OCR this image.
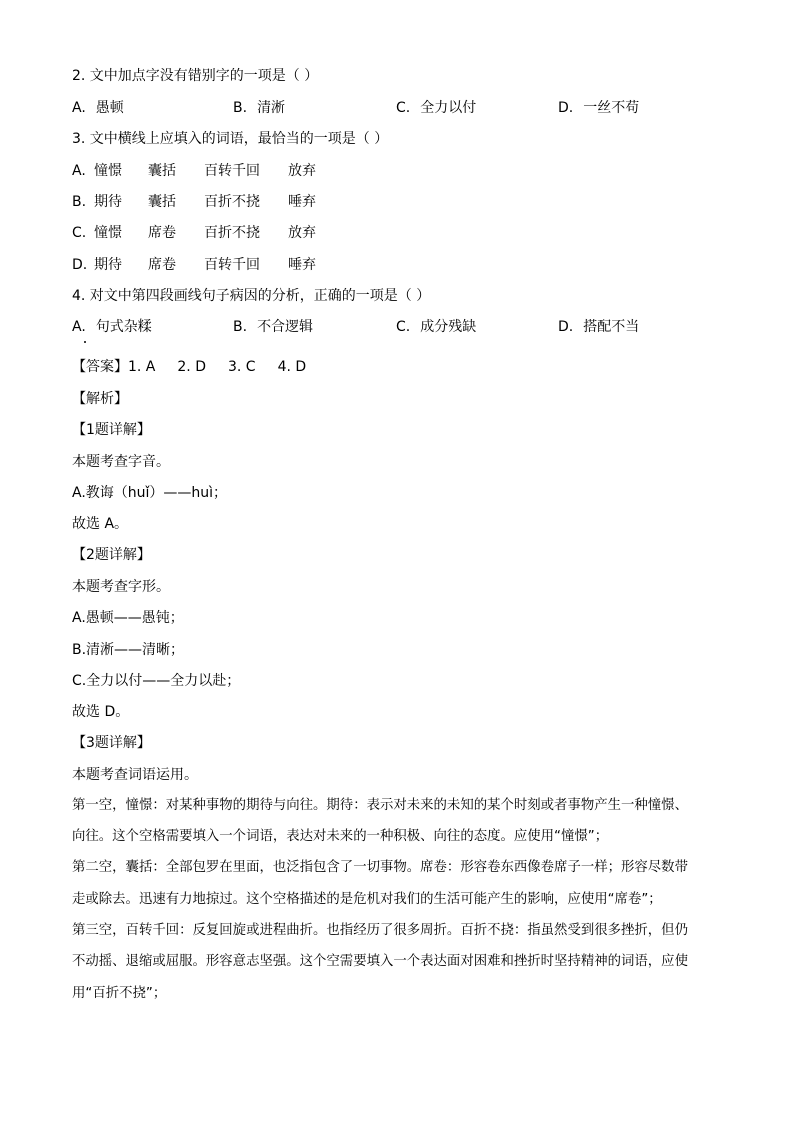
2. 文中加点字没有错别字的一项是（ ）
A. 愚顿	B. 清淅	C. 全力以付	D. 一丝不苟
3. 文中横线上应填入的词语，最恰当的一项是（ ）
A. 憧憬 囊括 百转千回 放弃
B. 期待 囊括 百折不挠 唾弃
C. 憧憬 席卷 百折不挠 放弃
D. 期待 席卷 百转千回 唾弃
4. 对文中第四段画线句子病因的分析，正确的一项是（ ）
A. 句式杂糅	B. 不合逻辑	C. 成分残缺	D. 搭配不当
【答案】1. A 2. D 3. C 4. D
【解析】
【1题详解】
本题考查字音。
A.教诲（huǐ）——huì；
故选 A。
【2题详解】
本题考查字形。
A.愚顿——愚钝；
B.清淅——清晰；
C.全力以付——全力以赴；
故选 D。
【3题详解】
本题考查词语运用。
第一空，憧憬：对某种事物的期待与向往。期待：表示对未来的未知的某个时刻或者事物产生一种憧憬、
向往。这个空格需要填入一个词语，表达对未来的一种积极、向往的态度。应使用“憧憬”；
第二空，囊括：全部包罗在里面，也泛指包含了一切事物。席卷：形容卷东西像卷席子一样；形容尽数带
走或除去。迅速有力地掠过。这个空格描述的是危机对我们的生活可能产生的影响，应使用“席卷”；
第三空，百转千回：反复回旋或进程曲折。也指经历了很多周折。百折不挠：指虽然受到很多挫折，但仍
不动摇、退缩或屈服。形容意志坚强。这个空需要填入一个表达面对困难和挫折时坚持精神的词语，应使
用“百折不挠”；
